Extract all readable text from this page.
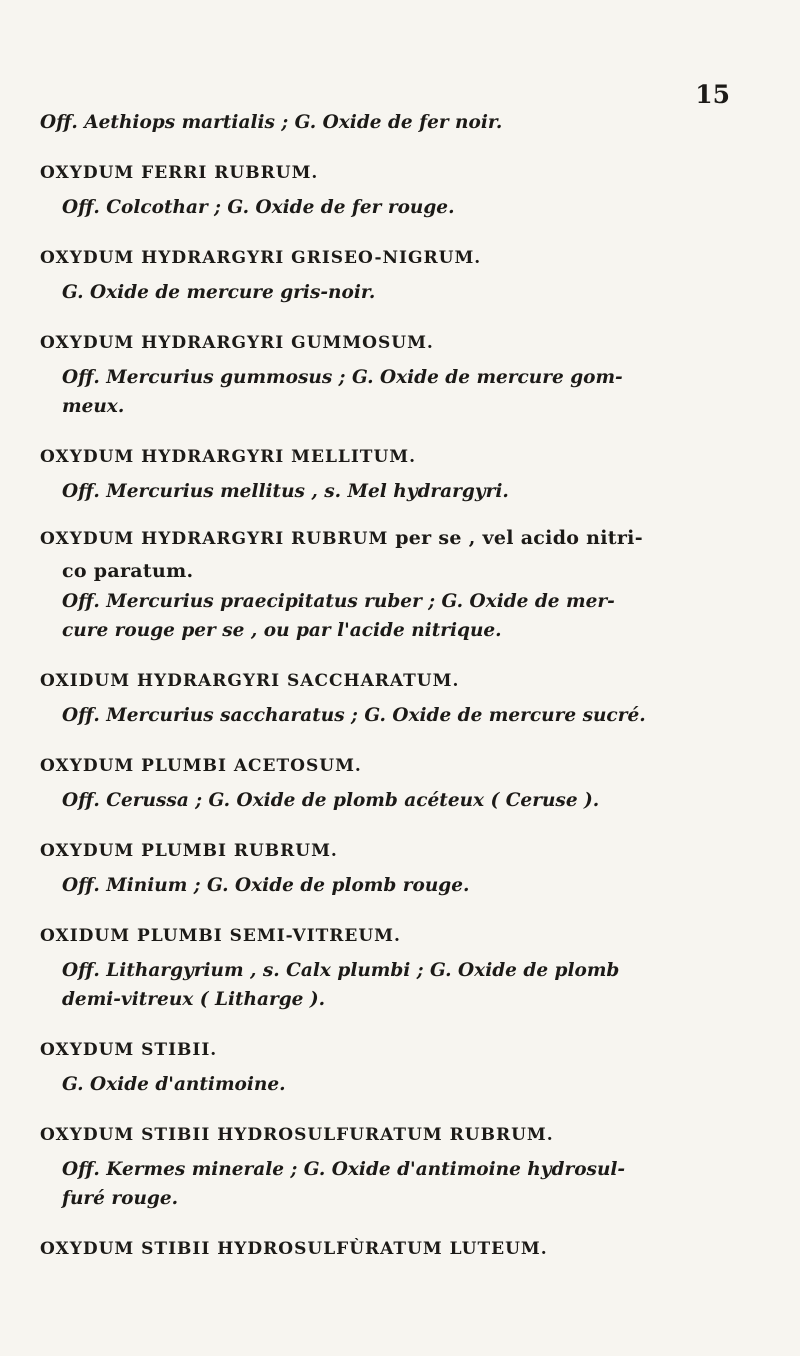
15
Off. Aethiops martialis ; G. Oxide de fer noir.
OXYDUM FERRI RUBRUM.
Off. Colcothar ; G. Oxide de fer rouge.
OXYDUM HYDRARGYRI GRISEO-NIGRUM.
G. Oxide de mercure gris-noir.
OXYDUM HYDRARGYRI GUMMOSUM.
Off. Mercurius gummosus ; G. Oxide de mercure gom-
meux.
OXYDUM HYDRARGYRI MELLITUM.
Off. Mercurius mellitus , s. Mel hydrargyri.
OXYDUM HYDRARGYRI RUBRUM per se , vel acido nitri-
co paratum.
Off. Mercurius praecipitatus ruber ; G. Oxide de mer-
cure rouge per se , ou par l'acide nitrique.
OXIDUM HYDRARGYRI SACCHARATUM.
Off. Mercurius saccharatus ; G. Oxide de mercure sucré.
OXYDUM PLUMBI ACETOSUM.
Off. Cerussa ; G. Oxide de plomb acéteux ( Ceruse ).
OXYDUM PLUMBI RUBRUM.
Off. Minium ; G. Oxide de plomb rouge.
OXIDUM PLUMBI SEMI-VITREUM.
Off. Lithargyrium , s. Calx plumbi ; G. Oxide de plomb
demi-vitreux ( Litharge ).
OXYDUM STIBII.
G. Oxide d'antimoine.
OXYDUM STIBII HYDROSULFURATUM RUBRUM.
Off. Kermes minerale ; G. Oxide d'antimoine hydrosul-
furé rouge.
OXYDUM STIBII HYDROSULFÙRATUM LUTEUM.
